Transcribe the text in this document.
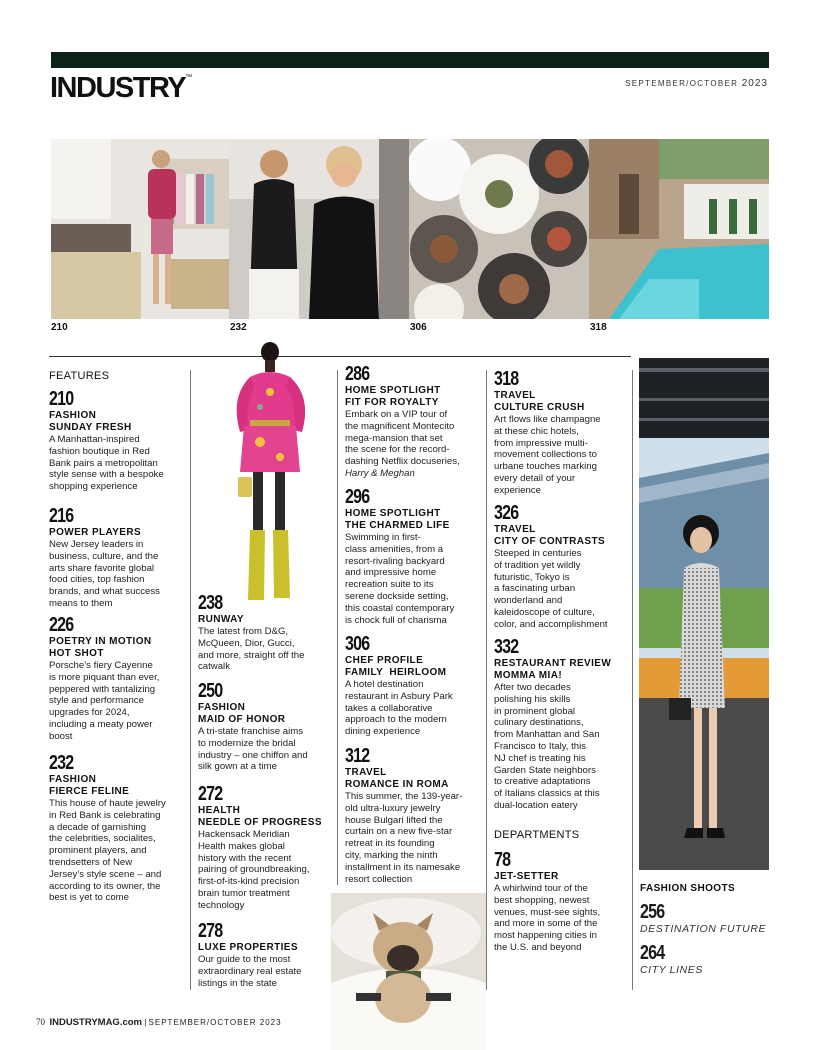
INDUSTRY™
SEPTEMBER/OCTOBER 2023
210	232	306	318
FEATURES
210
FASHION
SUNDAY FRESH
A Manhattan-inspired
fashion boutique in Red
Bank pairs a metropolitan
style sense with a bespoke
shopping experience
216
POWER PLAYERS
New Jersey leaders in
business, culture, and the
arts share favorite global
food cities, top fashion
brands, and what success
means to them
226
POETRY IN MOTION
HOT SHOT
Porsche’s fiery Cayenne
is more piquant than ever,
peppered with tantalizing
style and performance
upgrades for 2024,
including a meaty power
boost
232
FASHION
FIERCE FELINE
This house of haute jewelry
in Red Bank is celebrating
a decade of garnishing
the celebrities, socialites,
prominent players, and
trendsetters of New
Jersey’s style scene – and
according to its owner, the
best is yet to come
238
RUNWAY
The latest from D&G,
McQueen, Dior, Gucci,
and more, straight off the
catwalk
250
FASHION
MAID OF HONOR
A tri-state franchise aims
to modernize the bridal
industry – one chiffon and
silk gown at a time
272
HEALTH
NEEDLE OF PROGRESS
Hackensack Meridian
Health makes global
history with the recent
pairing of groundbreaking,
first-of-its-kind precision
brain tumor treatment
technology
278
LUXE PROPERTIES
Our guide to the most
extraordinary real estate
listings in the state
286
HOME SPOTLIGHT
FIT FOR ROYALTY
Embark on a VIP tour of
the magnificent Montecito
mega-mansion that set
the scene for the record-
dashing Netflix docuseries,
Harry & Meghan
296
HOME SPOTLIGHT
THE CHARMED LIFE
Swimming in first-
class amenities, from a
resort-rivaling backyard
and impressive home
recreation suite to its
serene dockside setting,
this coastal contemporary
is chock full of charisma
306
CHEF PROFILE
FAMILY  HEIRLOOM
A hotel destination
restaurant in Asbury Park
takes a collaborative
approach to the modern
dining experience
312
TRAVEL
ROMANCE IN ROMA
This summer, the 139-year-
old ultra-luxury jewelry
house Bulgari lifted the
curtain on a new five-star
retreat in its founding
city, marking the ninth
installment in its namesake
resort collection
318
TRAVEL
CULTURE CRUSH
Art flows like champagne
at these chic hotels,
from impressive multi-
movement collections to
urbane touches marking
every detail of your
experience
326
TRAVEL
CITY OF CONTRASTS
Steeped in centuries
of tradition yet wildly
futuristic, Tokyo is
a fascinating urban
wonderland and
kaleidoscope of culture,
color, and accomplishment
332
RESTAURANT REVIEW
MOMMA MIA!
After two decades
polishing his skills
in prominent global
culinary destinations,
from Manhattan and San
Francisco to Italy, this
NJ chef is treating his
Garden State neighbors
to creative adaptations
of Italians classics at this
dual-location eatery
DEPARTMENTS
78
JET-SETTER
A whirlwind tour of the
best shopping, newest
venues, must-see sights,
and more in some of the
most happening cities in
the U.S. and beyond
FASHION SHOOTS
256
DESTINATION FUTURE
264
CITY LINES
70 INDUSTRYMAG.com | SEPTEMBER/OCTOBER 2023
